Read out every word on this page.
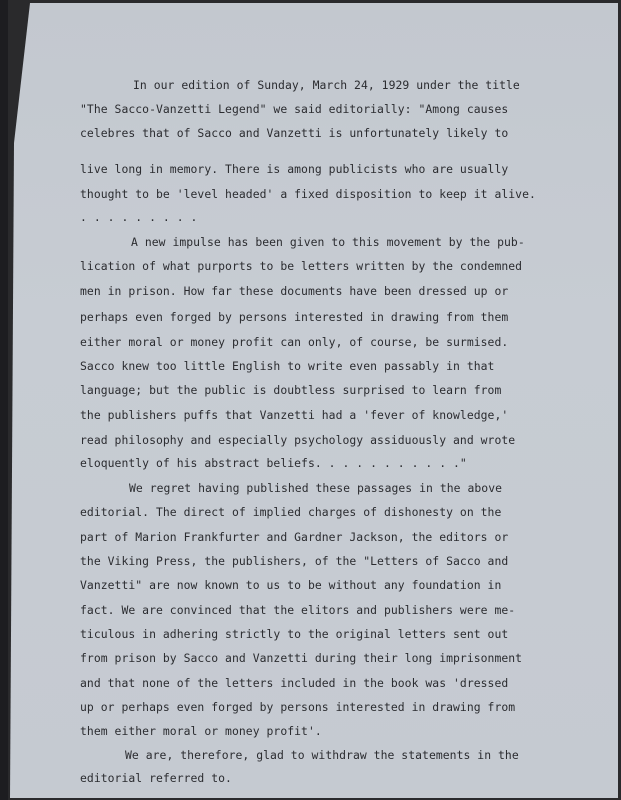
In our edition of Sunday, March 24, 1929 under the title
"The Sacco-Vanzetti Legend" we said editorially: "Among causes
celebres that of Sacco and Vanzetti is unfortunately likely to
live long in memory. There is among publicists who are usually
thought to be 'level headed' a fixed disposition to keep it alive.
. . . . . . . . .
A new impulse has been given to this movement by the pub-
lication of what purports to be letters written by the condemned
men in prison. How far these documents have been dressed up or
perhaps even forged by persons interested in drawing from them
either moral or money profit can only, of course, be surmised.
Sacco knew too little English to write even passably in that
language; but the public is doubtless surprised to learn from
the publishers puffs that Vanzetti had a 'fever of knowledge,'
read philosophy and especially psychology assiduously and wrote
eloquently of his abstract beliefs. . . . . . . . . . ."
We regret having published these passages in the above
editorial. The direct of implied charges of dishonesty on the
part of Marion Frankfurter and Gardner Jackson, the editors or
the Viking Press, the publishers, of the "Letters of Sacco and
Vanzetti" are now known to us to be without any foundation in
fact. We are convinced that the elitors and publishers were me-
ticulous in adhering strictly to the original letters sent out
from prison by Sacco and Vanzetti during their long imprisonment
and that none of the letters included in the book was 'dressed
up or perhaps even forged by persons interested in drawing from
them either moral or money profit'.
We are, therefore, glad to withdraw the statements in the
editorial referred to.
